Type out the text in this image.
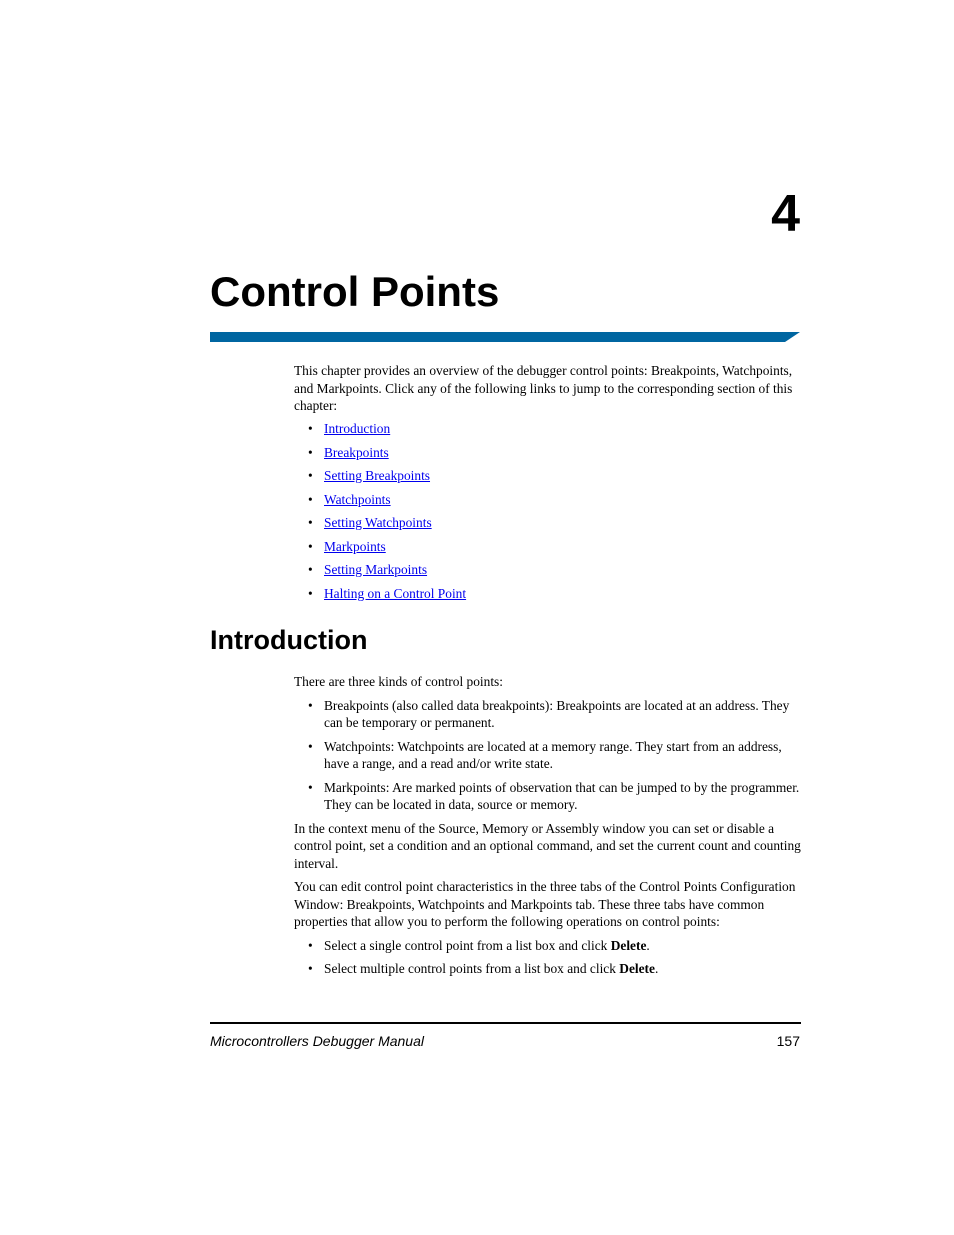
4
Control Points

This chapter provides an overview of the debugger control points: Breakpoints, Watchpoints, and Markpoints. Click any of the following links to jump to the corresponding section of this chapter:

• Introduction
• Breakpoints
• Setting Breakpoints
• Watchpoints
• Setting Watchpoints
• Markpoints
• Setting Markpoints
• Halting on a Control Point
Introduction

There are three kinds of control points:

• Breakpoints (also called data breakpoints): Breakpoints are located at an address. They can be temporary or permanent.
• Watchpoints: Watchpoints are located at a memory range. They start from an address, have a range, and a read and/or write state.
• Markpoints: Are marked points of observation that can be jumped to by the programmer. They can be located in data, source or memory.

In the context menu of the Source, Memory or Assembly window you can set or disable a control point, set a condition and an optional command, and set the current count and counting interval.

You can edit control point characteristics in the three tabs of the Control Points Configuration Window: Breakpoints, Watchpoints and Markpoints tab. These three tabs have common properties that allow you to perform the following operations on control points:

• Select a single control point from a list box and click Delete.
• Select multiple control points from a list box and click Delete.
Microcontrollers Debugger Manual	157
